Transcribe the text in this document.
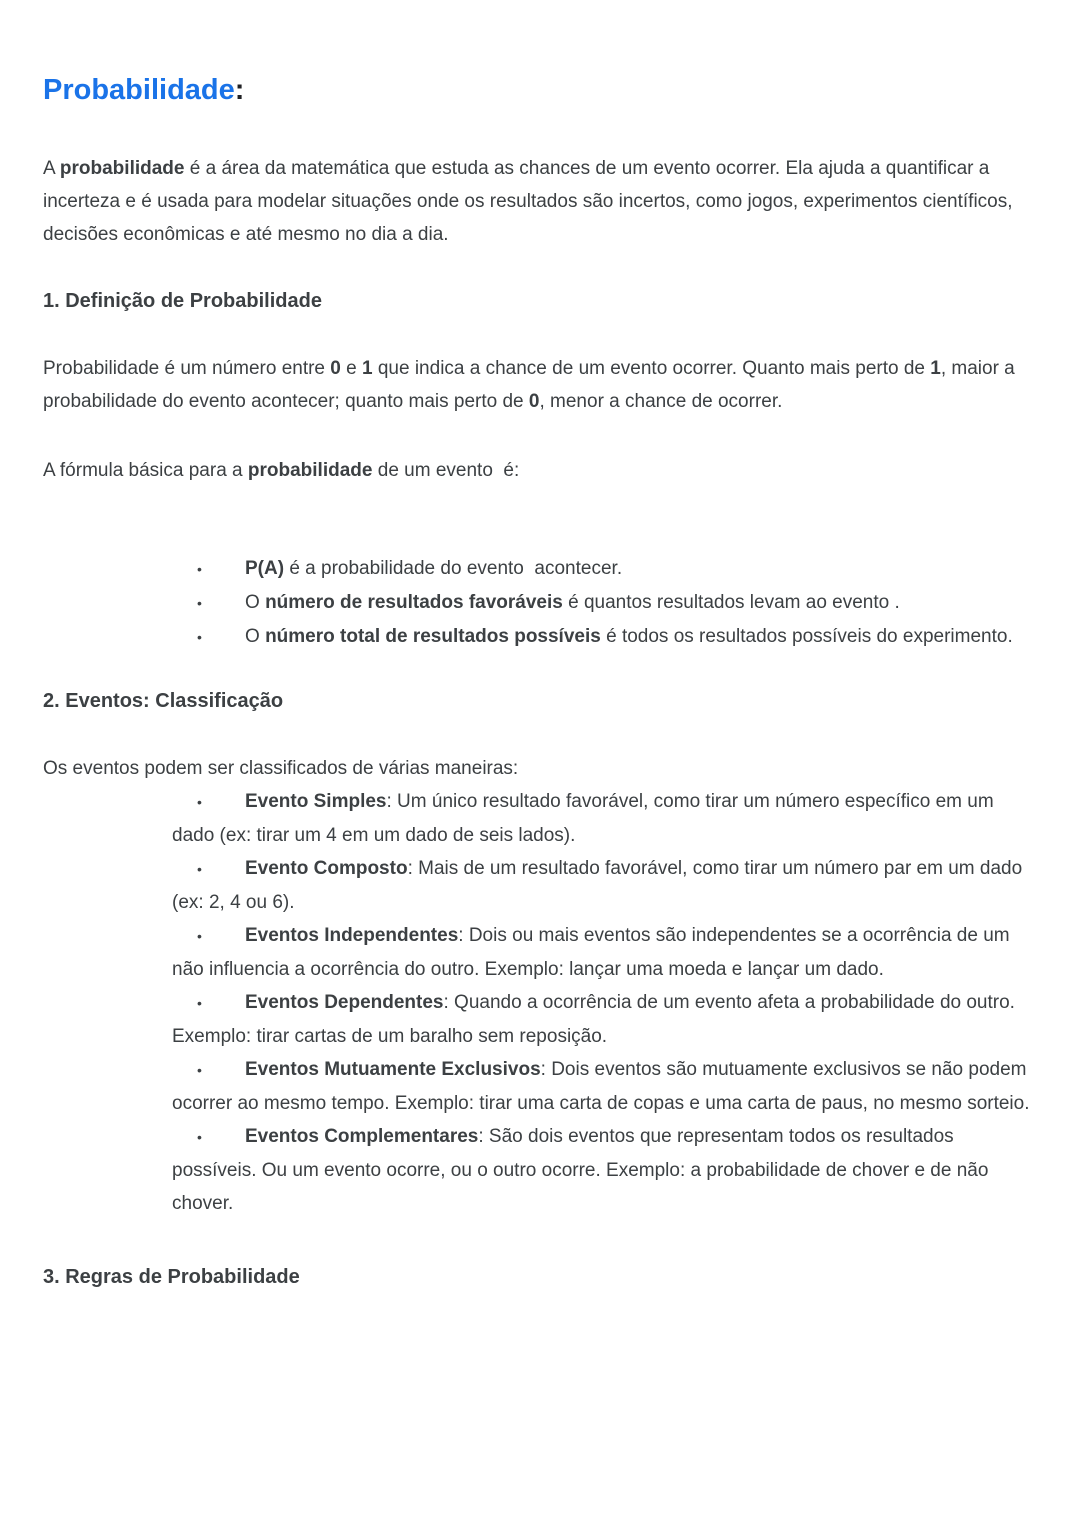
Probabilidade:
A probabilidade é a área da matemática que estuda as chances de um evento ocorrer. Ela ajuda a quantificar a incerteza e é usada para modelar situações onde os resultados são incertos, como jogos, experimentos científicos, decisões econômicas e até mesmo no dia a dia.
1. Definição de Probabilidade
Probabilidade é um número entre 0 e 1 que indica a chance de um evento ocorrer. Quanto mais perto de 1, maior a probabilidade do evento acontecer; quanto mais perto de 0, menor a chance de ocorrer.
A fórmula básica para a probabilidade de um evento  é:
• P(A) é a probabilidade do evento  acontecer.
• O número de resultados favoráveis é quantos resultados levam ao evento .
• O número total de resultados possíveis é todos os resultados possíveis do experimento.
2. Eventos: Classificação
Os eventos podem ser classificados de várias maneiras:
• Evento Simples: Um único resultado favorável, como tirar um número específico em um dado (ex: tirar um 4 em um dado de seis lados).
• Evento Composto: Mais de um resultado favorável, como tirar um número par em um dado (ex: 2, 4 ou 6).
• Eventos Independentes: Dois ou mais eventos são independentes se a ocorrência de um não influencia a ocorrência do outro. Exemplo: lançar uma moeda e lançar um dado.
• Eventos Dependentes: Quando a ocorrência de um evento afeta a probabilidade do outro. Exemplo: tirar cartas de um baralho sem reposição.
• Eventos Mutuamente Exclusivos: Dois eventos são mutuamente exclusivos se não podem ocorrer ao mesmo tempo. Exemplo: tirar uma carta de copas e uma carta de paus, no mesmo sorteio.
• Eventos Complementares: São dois eventos que representam todos os resultados possíveis. Ou um evento ocorre, ou o outro ocorre. Exemplo: a probabilidade de chover e de não chover.
3. Regras de Probabilidade
